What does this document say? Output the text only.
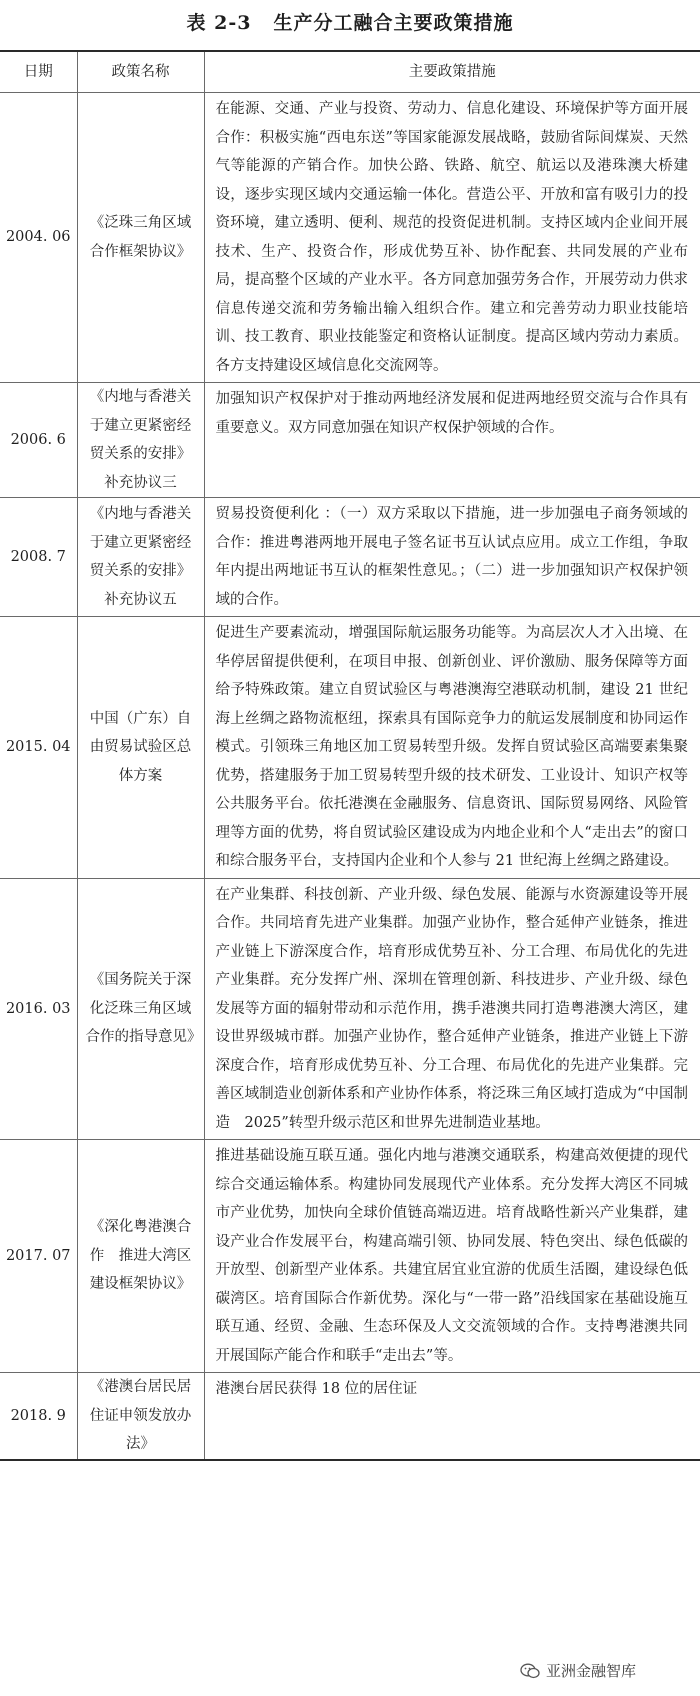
表 2-3 生产分工融合主要政策措施
日期	政策名称	主要政策措施
2004. 06	《泛珠三角区域合作框架协议》	在能源、交通、产业与投资、劳动力、信息化建设、环境保护等方面开展合作：积极实施“西电东送”等国家能源发展战略，鼓励省际间煤炭、天然气等能源的产销合作。加快公路、铁路、航空、航运以及港珠澳大桥建设，逐步实现区域内交通运输一体化。营造公平、开放和富有吸引力的投资环境，建立透明、便利、规范的投资促进机制。支持区域内企业间开展技术、生产、投资合作，形成优势互补、协作配套、共同发展的产业布局，提高整个区域的产业水平。各方同意加强劳务合作，开展劳动力供求信息传递交流和劳务输出输入组织合作。建立和完善劳动力职业技能培训、技工教育、职业技能鉴定和资格认证制度。提高区域内劳动力素质。各方支持建设区域信息化交流网等。
2006. 6	《内地与香港关于建立更紧密经贸关系的安排》补充协议三	加强知识产权保护对于推动两地经济发展和促进两地经贸交流与合作具有重要意义。双方同意加强在知识产权保护领域的合作。
2008. 7	《内地与香港关于建立更紧密经贸关系的安排》补充协议五	贸易投资便利化 ：（一）双方采取以下措施，进一步加强电子商务领域的合作：推进粤港两地开展电子签名证书互认试点应用。成立工作组，争取年内提出两地证书互认的框架性意见。；（二）进一步加强知识产权保护领域的合作。
2015. 04	中国（广东）自由贸易试验区总体方案	促进生产要素流动，增强国际航运服务功能等。为高层次人才入出境、在华停居留提供便利，在项目申报、创新创业、评价激励、服务保障等方面给予特殊政策。建立自贸试验区与粤港澳海空港联动机制，建设 21 世纪海上丝绸之路物流枢纽，探索具有国际竞争力的航运发展制度和协同运作模式。引领珠三角地区加工贸易转型升级。发挥自贸试验区高端要素集聚优势，搭建服务于加工贸易转型升级的技术研发、工业设计、知识产权等公共服务平台。依托港澳在金融服务、信息资讯、国际贸易网络、风险管理等方面的优势，将自贸试验区建设成为内地企业和个人“走出去”的窗口和综合服务平台，支持国内企业和个人参与 21 世纪海上丝绸之路建设。
2016. 03	《国务院关于深化泛珠三角区域合作的指导意见》	在产业集群、科技创新、产业升级、绿色发展、能源与水资源建设等开展合作。共同培育先进产业集群。加强产业协作，整合延伸产业链条，推进产业链上下游深度合作，培育形成优势互补、分工合理、布局优化的先进产业集群。充分发挥广州、深圳在管理创新、科技进步、产业升级、绿色发展等方面的辐射带动和示范作用，携手港澳共同打造粤港澳大湾区，建设世界级城市群。加强产业协作，整合延伸产业链条，推进产业链上下游深度合作，培育形成优势互补、分工合理、布局优化的先进产业集群。完善区域制造业创新体系和产业协作体系，将泛珠三角区域打造成为“中国制造　2025”转型升级示范区和世界先进制造业基地。
2017. 07	《深化粤港澳合作　推进大湾区建设框架协议》	推进基础设施互联互通。强化内地与港澳交通联系，构建高效便捷的现代综合交通运输体系。构建协同发展现代产业体系。充分发挥大湾区不同城市产业优势，加快向全球价值链高端迈进。培育战略性新兴产业集群，建设产业合作发展平台，构建高端引领、协同发展、特色突出、绿色低碳的开放型、创新型产业体系。共建宜居宜业宜游的优质生活圈，建设绿色低碳湾区。培育国际合作新优势。深化与“一带一路”沿线国家在基础设施互联互通、经贸、金融、生态环保及人文交流领域的合作。支持粤港澳共同开展国际产能合作和联手“走出去”等。
2018. 9	《港澳台居民居住证申领发放办法》	港澳台居民获得 18 位的居住证
亚洲金融智库
